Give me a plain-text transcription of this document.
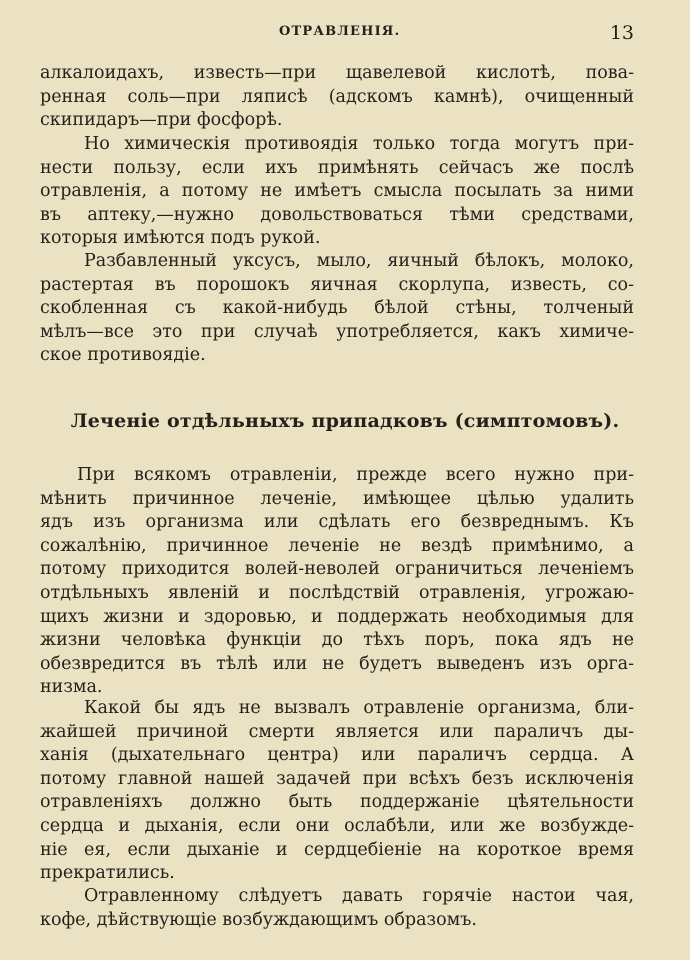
ОТРАВЛЕНІЯ.	13
алкалоидахъ, известь—при щавелевой кислотѣ, пова-
ренная соль—при ляписѣ (адскомъ камнѣ), очищенный
скипидаръ—при фосфорѣ.
Но химическія противоядія только тогда могутъ при-
нести пользу, если ихъ примѣнять сейчасъ же послѣ
отравленія, а потому не имѣетъ смысла посылать за ними
въ аптеку,—нужно довольствоваться тѣми средствами,
которыя имѣются подъ рукой.
Разбавленный уксусъ, мыло, яичный бѣлокъ, молоко,
растертая въ порошокъ яичная скорлупа, известь, со-
скобленная съ какой-нибудь бѣлой стѣны, толченый
мѣлъ—все это при случаѣ употребляется, какъ химиче-
ское противоядіе.
Леченіе отдѣльныхъ припадковъ (симптомовъ).
При всякомъ отравленіи, прежде всего нужно при-
мѣнить причинное леченіе, имѣющее цѣлью удалить
ядъ изъ организма или сдѣлать его безвреднымъ. Къ
сожалѣнію, причинное леченіе не вездѣ примѣнимо, а
потому приходится волей-неволей ограничиться леченіемъ
отдѣльныхъ явленій и послѣдствій отравленія, угрожаю-
щихъ жизни и здоровью, и поддержать необходимыя для
жизни человѣка функціи до тѣхъ поръ, пока ядъ не
обезвредится въ тѣлѣ или не будетъ выведенъ изъ орга-
низма.
Какой бы ядъ не вызвалъ отравленіе организма, бли-
жайшей причиной смерти является или параличъ ды-
ханія (дыхательнаго центра) или параличъ сердца. А
потому главной нашей задачей при всѣхъ безъ исключенія
отравленіяхъ должно быть поддержаніе цѣятельности
сердца и дыханія, если они ослабѣли, или же возбужде-
ніе ея, если дыханіе и сердцебіеніе на короткое время
прекратились.
Отравленному слѣдуетъ давать горячіе настои чая,
кофе, дѣйствующіе возбуждающимъ образомъ.
